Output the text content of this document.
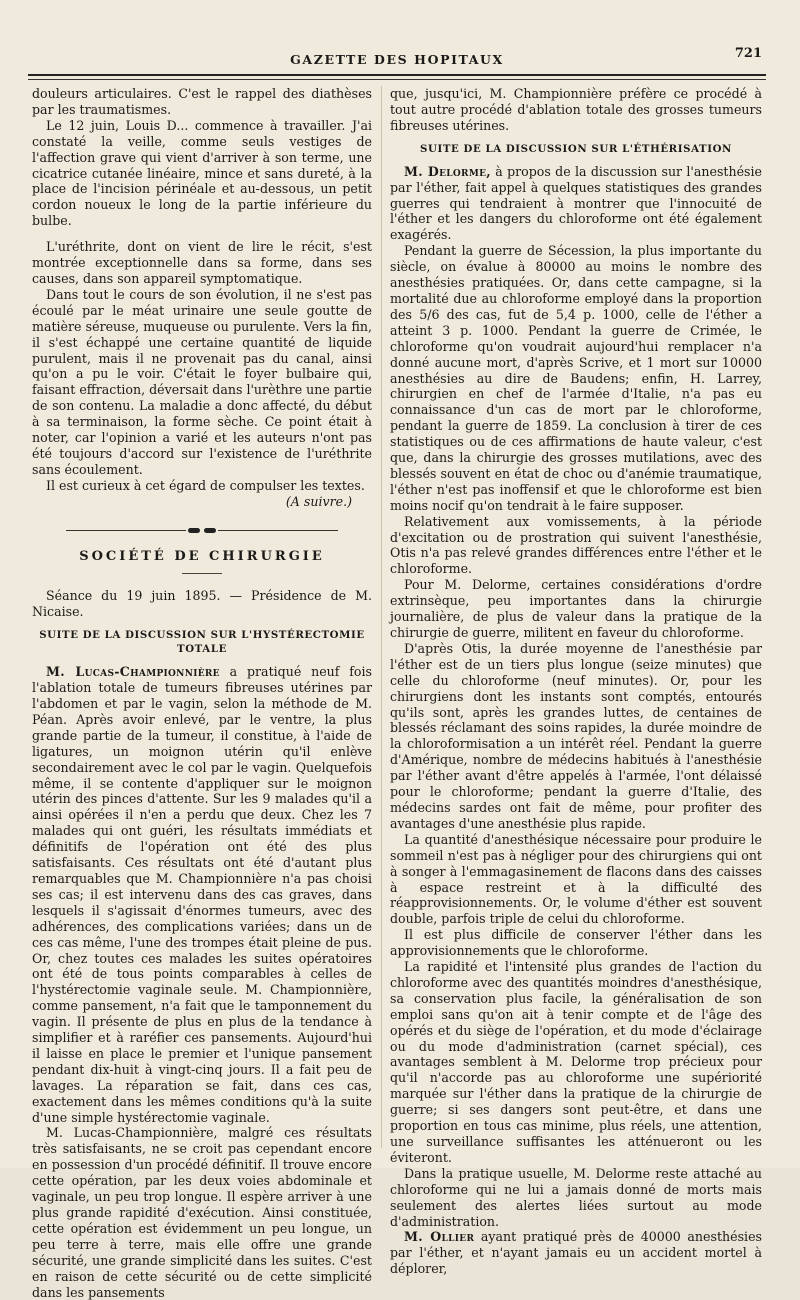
GAZETTE DES HOPITAUX	721

douleurs articulaires. C'est le rappel des diathèses par les traumatismes.

Le 12 juin, Louis D... commence à travailler. J'ai constaté la veille, comme seuls vestiges de l'affection grave qui vient d'arriver à son terme, une cicatrice cutanée linéaire, mince et sans dureté, à la place de l'incision périnéale et au-dessous, un petit cordon noueux le long de la partie inférieure du bulbe.

L'uréthrite, dont on vient de lire le récit, s'est montrée exceptionnelle dans sa forme, dans ses causes, dans son appareil symptomatique.

Dans tout le cours de son évolution, il ne s'est pas écoulé par le méat urinaire une seule goutte de matière séreuse, muqueuse ou purulente. Vers la fin, il s'est échappé une certaine quantité de liquide purulent, mais il ne provenait pas du canal, ainsi qu'on a pu le voir. C'était le foyer bulbaire qui, faisant effraction, déversait dans l'urèthre une partie de son contenu. La maladie a donc affecté, du début à sa terminaison, la forme sèche. Ce point était à noter, car l'opinion a varié et les auteurs n'ont pas été toujours d'accord sur l'existence de l'uréthrite sans écoulement.

Il est curieux à cet égard de compulser les textes.

(A suivre.)
SOCIÉTÉ DE CHIRURGIE

Séance du 19 juin 1895. — Présidence de M. Nicaise.

SUITE DE LA DISCUSSION SUR L'HYSTÉRECTOMIE TOTALE

M. Lucas-Championnière a pratiqué neuf fois l'ablation totale de tumeurs fibreuses utérines par l'abdomen et par le vagin, selon la méthode de M. Péan. Après avoir enlevé, par le ventre, la plus grande partie de la tumeur, il constitue, à l'aide de ligatures, un moignon utérin qu'il enlève secondairement avec le col par le vagin. Quelquefois même, il se contente d'appliquer sur le moignon utérin des pinces d'attente. Sur les 9 malades qu'il a ainsi opérées il n'en a perdu que deux. Chez les 7 malades qui ont guéri, les résultats immédiats et définitifs de l'opération ont été des plus satisfaisants. Ces résultats ont été d'autant plus remarquables que M. Championnière n'a pas choisi ses cas; il est intervenu dans des cas graves, dans lesquels il s'agissait d'énormes tumeurs, avec des adhérences, des complications variées; dans un de ces cas même, l'une des trompes était pleine de pus. Or, chez toutes ces malades les suites opératoires ont été de tous points comparables à celles de l'hystérectomie vaginale seule. M. Championnière, comme pansement, n'a fait que le tamponnement du vagin. Il présente de plus en plus de la tendance à simplifier et à raréfier ces pansements. Aujourd'hui il laisse en place le premier et l'unique pansement pendant dix-huit à vingt-cinq jours. Il a fait peu de lavages. La réparation se fait, dans ces cas, exactement dans les mêmes conditions qu'à la suite d'une simple hystérectomie vaginale.

M. Lucas-Championnière, malgré ces résultats très satisfaisants, ne se croit pas cependant encore en possession d'un procédé définitif. Il trouve encore cette opération, par les deux voies abdominale et vaginale, un peu trop longue. Il espère arriver à une plus grande rapidité d'exécution. Ainsi constituée, cette opération est évidemment un peu longue, un peu terre à terre, mais elle offre une grande sécurité, une grande simplicité dans les suites. C'est en raison de cette sécurité ou de cette simplicité dans les pansements

que, jusqu'ici, M. Championnière préfère ce procédé à tout autre procédé d'ablation totale des grosses tumeurs fibreuses utérines.

SUITE DE LA DISCUSSION SUR L'ÉTHÉRISATION

M. Delorme, à propos de la discussion sur l'anesthésie par l'éther, fait appel à quelques statistiques des grandes guerres qui tendraient à montrer que l'innocuité de l'éther et les dangers du chloroforme ont été également exagérés.

Pendant la guerre de Sécession, la plus importante du siècle, on évalue à 80000 au moins le nombre des anesthésies pratiquées. Or, dans cette campagne, si la mortalité due au chloroforme employé dans la proportion des 5/6 des cas, fut de 5,4 p. 1000, celle de l'éther a atteint 3 p. 1000. Pendant la guerre de Crimée, le chloroforme qu'on voudrait aujourd'hui remplacer n'a donné aucune mort, d'après Scrive, et 1 mort sur 10000 anesthésies au dire de Baudens; enfin, H. Larrey, chirurgien en chef de l'armée d'Italie, n'a pas eu connaissance d'un cas de mort par le chloroforme, pendant la guerre de 1859. La conclusion à tirer de ces statistiques ou de ces affirmations de haute valeur, c'est que, dans la chirurgie des grosses mutilations, avec des blessés souvent en état de choc ou d'anémie traumatique, l'éther n'est pas inoffensif et que le chloroforme est bien moins nocif qu'on tendrait à le faire supposer.

Relativement aux vomissements, à la période d'excitation ou de prostration qui suivent l'anesthésie, Otis n'a pas relevé grandes différences entre l'éther et le chloroforme.

Pour M. Delorme, certaines considérations d'ordre extrinsèque, peu importantes dans la chirurgie journalière, de plus de valeur dans la pratique de la chirurgie de guerre, militent en faveur du chloroforme.

D'après Otis, la durée moyenne de l'anesthésie par l'éther est de un tiers plus longue (seize minutes) que celle du chloroforme (neuf minutes). Or, pour les chirurgiens dont les instants sont comptés, entourés qu'ils sont, après les grandes luttes, de centaines de blessés réclamant des soins rapides, la durée moindre de la chloroformisation a un intérêt réel. Pendant la guerre d'Amérique, nombre de médecins habitués à l'anesthésie par l'éther avant d'être appelés à l'armée, l'ont délaissé pour le chloroforme; pendant la guerre d'Italie, des médecins sardes ont fait de même, pour profiter des avantages d'une anesthésie plus rapide.

La quantité d'anesthésique nécessaire pour produire le sommeil n'est pas à négliger pour des chirurgiens qui ont à songer à l'emmagasinement de flacons dans des caisses à espace restreint et à la difficulté des réapprovisionnements. Or, le volume d'éther est souvent double, parfois triple de celui du chloroforme.

Il est plus difficile de conserver l'éther dans les approvisionnements que le chloroforme.

La rapidité et l'intensité plus grandes de l'action du chloroforme avec des quantités moindres d'anesthésique, sa conservation plus facile, la généralisation de son emploi sans qu'on ait à tenir compte et de l'âge des opérés et du siège de l'opération, et du mode d'éclairage ou du mode d'administration (carnet spécial), ces avantages semblent à M. Delorme trop précieux pour qu'il n'accorde pas au chloroforme une supériorité marquée sur l'éther dans la pratique de la chirurgie de guerre; si ses dangers sont peut-être, et dans une proportion en tous cas minime, plus réels, une attention, une surveillance suffisantes les atténueront ou les éviteront.

Dans la pratique usuelle, M. Delorme reste attaché au chloroforme qui ne lui a jamais donné de morts mais seulement des alertes liées surtout au mode d'administration.

M. Ollier ayant pratiqué près de 40000 anesthésies par l'éther, et n'ayant jamais eu un accident mortel à déplorer,
